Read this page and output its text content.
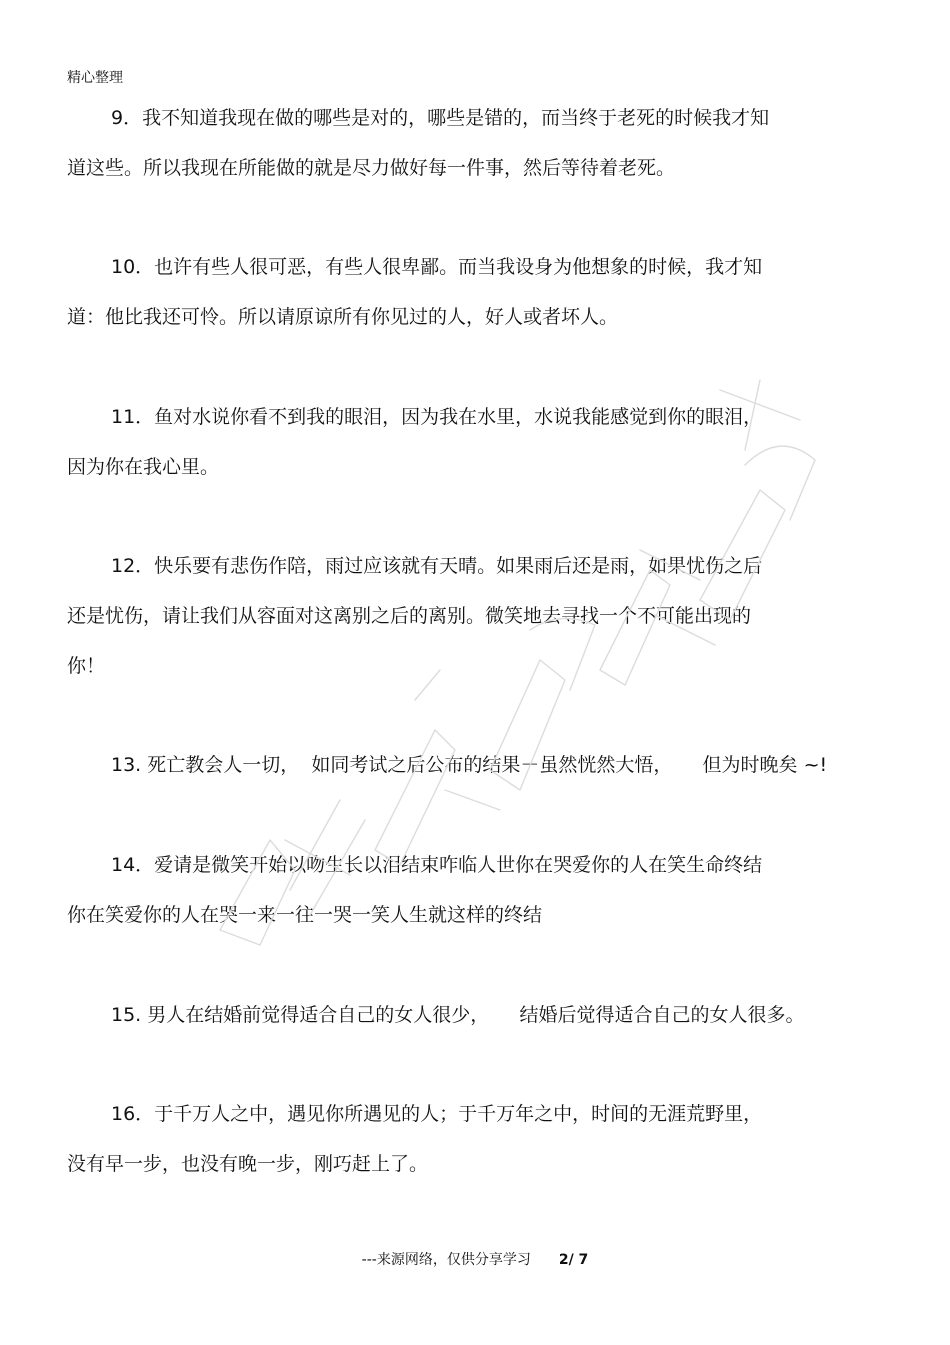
精心整理
9．我不知道我现在做的哪些是对的，哪些是错的，而当终于老死的时候我才知
道这些。所以我现在所能做的就是尽力做好每一件事，然后等待着老死。
10．也许有些人很可恶，有些人很卑鄙。而当我设身为他想象的时候，我才知
道：他比我还可怜。所以请原谅所有你见过的人，好人或者坏人。
11．鱼对水说你看不到我的眼泪，因为我在水里，水说我能感觉到你的眼泪，
因为你在我心里。
12．快乐要有悲伤作陪，雨过应该就有天晴。如果雨后还是雨，如果忧伤之后
还是忧伤，请让我们从容面对这离别之后的离别。微笑地去寻找一个不可能出现的
你！
13. 死亡教会人一切，  如同考试之后公布的结果－虽然恍然大悟，     但为时晚矣 ~!
14．爱请是微笑开始以吻生长以泪结束咋临人世你在哭爱你的人在笑生命终结
你在笑爱你的人在哭一来一往一哭一笑人生就这样的终结
15. 男人在结婚前觉得适合自己的女人很少，     结婚后觉得适合自己的女人很多。
16．于千万人之中，遇见你所遇见的人；于千万年之中，时间的无涯荒野里，
没有早一步，也没有晚一步，刚巧赶上了。
---来源网络，仅供分享学习 2/ 7
